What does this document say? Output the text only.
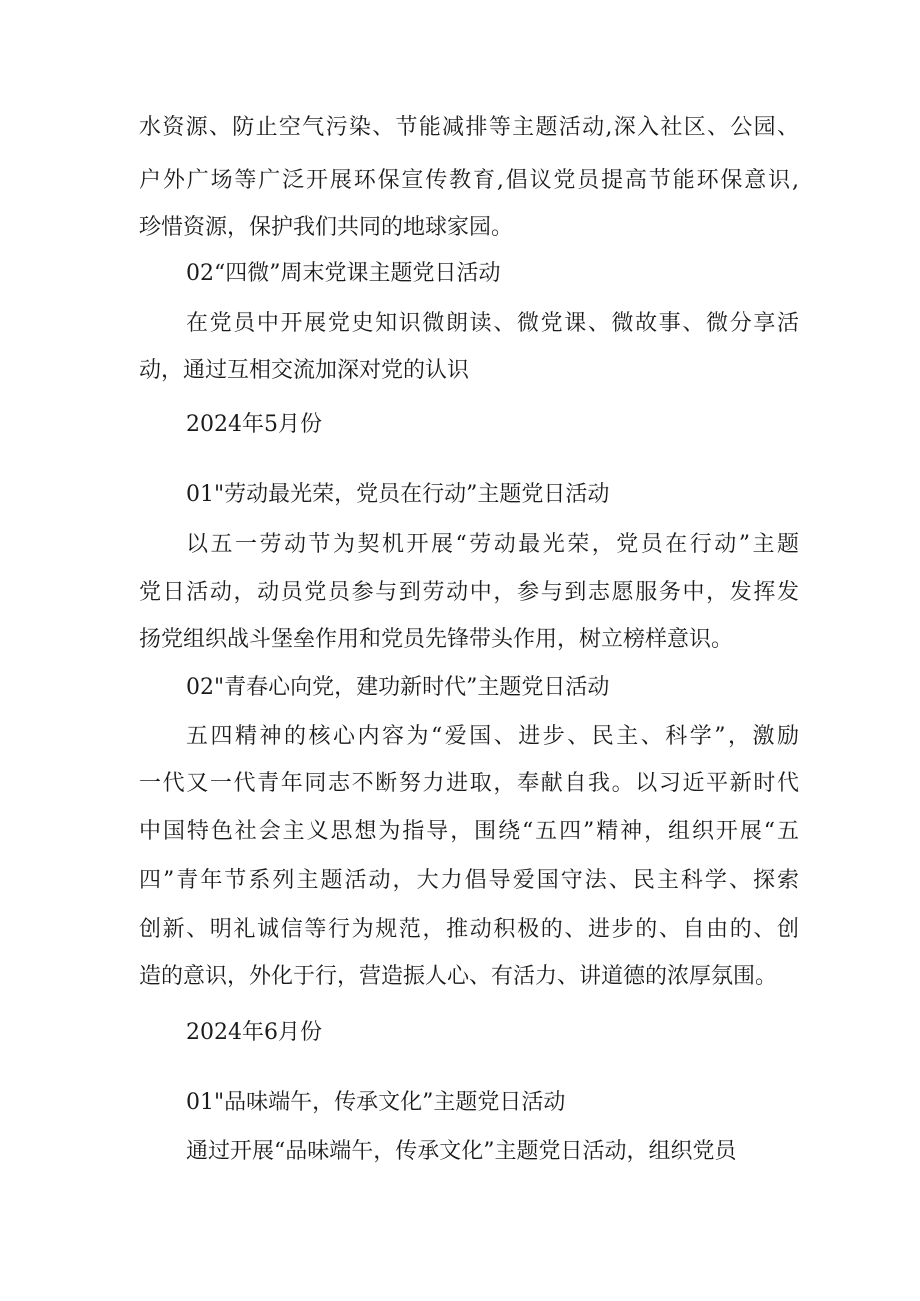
水资源、防止空气污染、节能减排等主题活动,深入社区、公园、
户外广场等广泛开展环保宣传教育,倡议党员提高节能环保意识,
珍惜资源，保护我们共同的地球家园。
02“四微”周末党课主题党日活动
在党员中开展党史知识微朗读、微党课、微故事、微分享活
动，通过互相交流加深对党的认识
2024年5月份
01"劳动最光荣，党员在行动”主题党日活动
以五一劳动节为契机开展“劳动最光荣，党员在行动”主题
党日活动，动员党员参与到劳动中，参与到志愿服务中，发挥发
扬党组织战斗堡垒作用和党员先锋带头作用，树立榜样意识。
02"青春心向党，建功新时代”主题党日活动
五四精神的核心内容为“爱国、进步、民主、科学”，激励
一代又一代青年同志不断努力进取，奉献自我。以习近平新时代
中国特色社会主义思想为指导，围绕“五四”精神，组织开展“五
四”青年节系列主题活动，大力倡导爱国守法、民主科学、探索
创新、明礼诚信等行为规范，推动积极的、进步的、自由的、创
造的意识，外化于行，营造振人心、有活力、讲道德的浓厚氛围。
2024年6月份
01"品味端午，传承文化”主题党日活动
通过开展“品味端午，传承文化”主题党日活动，组织党员
